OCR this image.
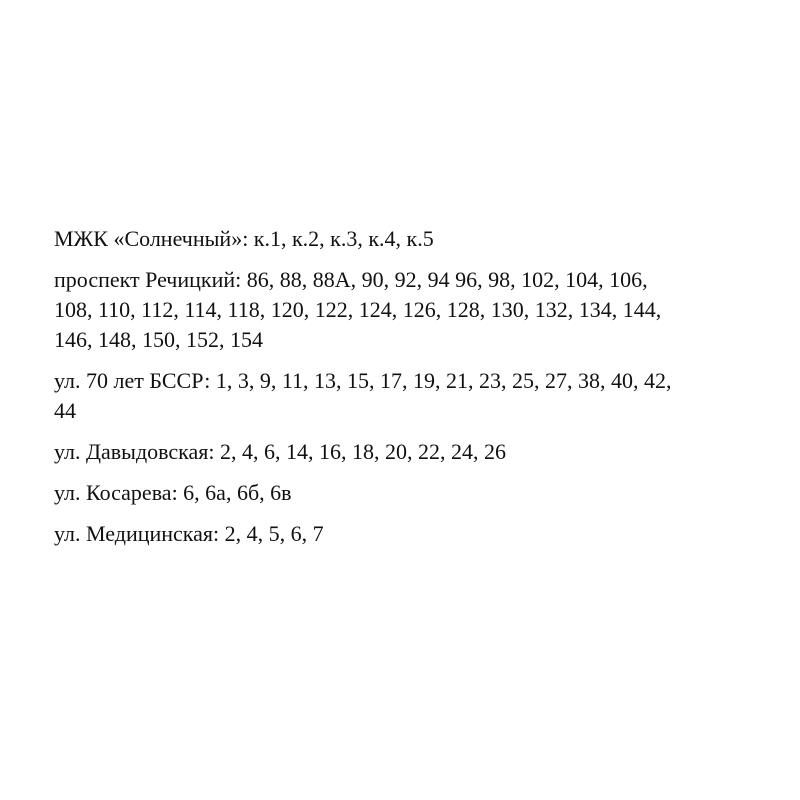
МЖК «Солнечный»: к.1, к.2, к.3, к.4, к.5

проспект Речицкий: 86, 88, 88А, 90, 92, 94 96, 98, 102, 104, 106,
108, 110, 112, 114, 118, 120, 122, 124, 126, 128, 130, 132, 134, 144,
146, 148, 150, 152, 154

ул. 70 лет БССР: 1, 3, 9, 11, 13, 15, 17, 19, 21, 23, 25, 27, 38, 40, 42,
44

ул. Давыдовская: 2, 4, 6, 14, 16, 18, 20, 22, 24, 26

ул. Косарева: 6, 6а, 6б, 6в

ул. Медицинская: 2, 4, 5, 6, 7
